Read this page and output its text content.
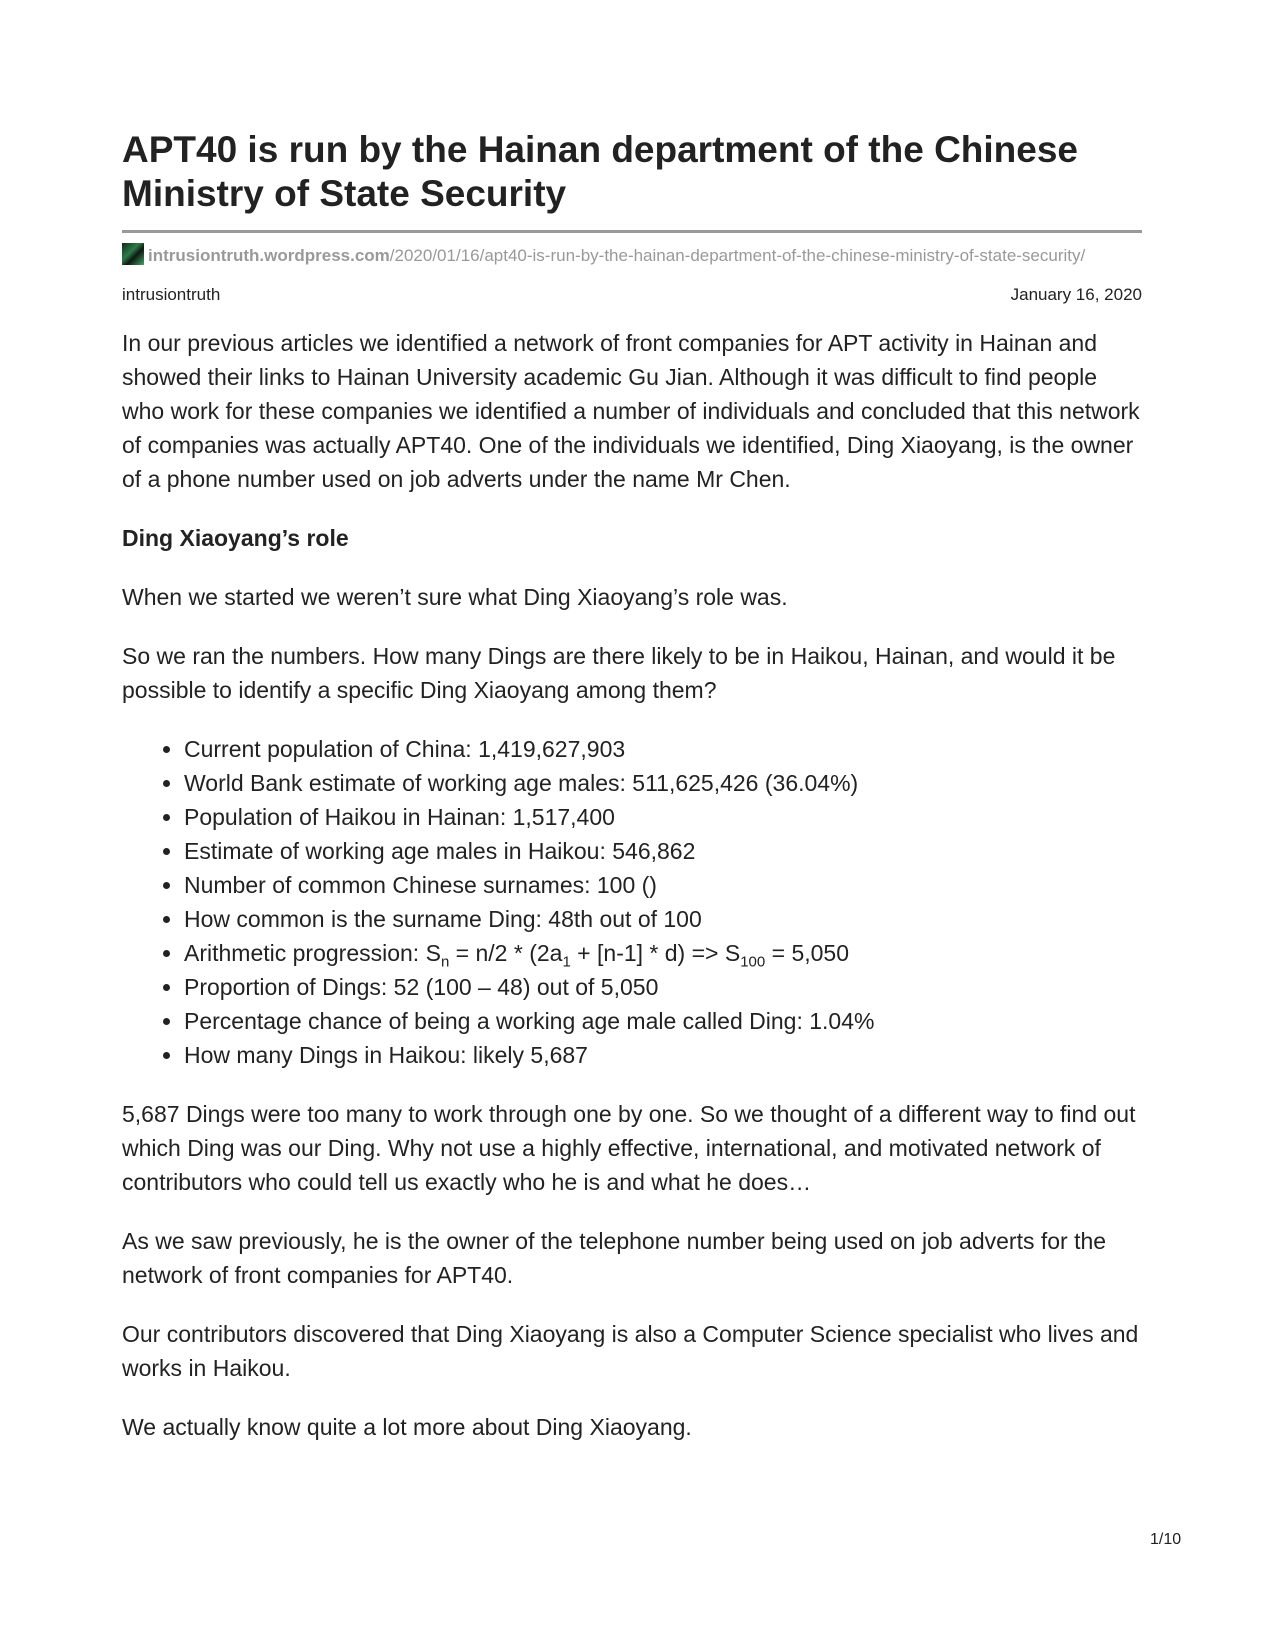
APT40 is run by the Hainan department of the Chinese Ministry of State Security
intrusiontruth.wordpress.com/2020/01/16/apt40-is-run-by-the-hainan-department-of-the-chinese-ministry-of-state-security/
intrusiontruth	January 16, 2020

In our previous articles we identified a network of front companies for APT activity in Hainan and showed their links to Hainan University academic Gu Jian. Although it was difficult to find people who work for these companies we identified a number of individuals and concluded that this network of companies was actually APT40. One of the individuals we identified, Ding Xiaoyang, is the owner of a phone number used on job adverts under the name Mr Chen.

Ding Xiaoyang’s role

When we started we weren’t sure what Ding Xiaoyang’s role was.

So we ran the numbers. How many Dings are there likely to be in Haikou, Hainan, and would it be possible to identify a specific Ding Xiaoyang among them?

• Current population of China: 1,419,627,903
• World Bank estimate of working age males: 511,625,426 (36.04%)
• Population of Haikou in Hainan: 1,517,400
• Estimate of working age males in Haikou: 546,862
• Number of common Chinese surnames: 100 ()
• How common is the surname Ding: 48th out of 100
• Arithmetic progression: $S_n = n/2 * (2a_1 + [n-1] * d) => S_{100} = 5,050$
• Proportion of Dings: 52 (100 – 48) out of 5,050
• Percentage chance of being a working age male called Ding: 1.04%
• How many Dings in Haikou: likely 5,687

5,687 Dings were too many to work through one by one. So we thought of a different way to find out which Ding was our Ding. Why not use a highly effective, international, and motivated network of contributors who could tell us exactly who he is and what he does…

As we saw previously, he is the owner of the telephone number being used on job adverts for the network of front companies for APT40.

Our contributors discovered that Ding Xiaoyang is also a Computer Science specialist who lives and works in Haikou.

We actually know quite a lot more about Ding Xiaoyang.

1/10
